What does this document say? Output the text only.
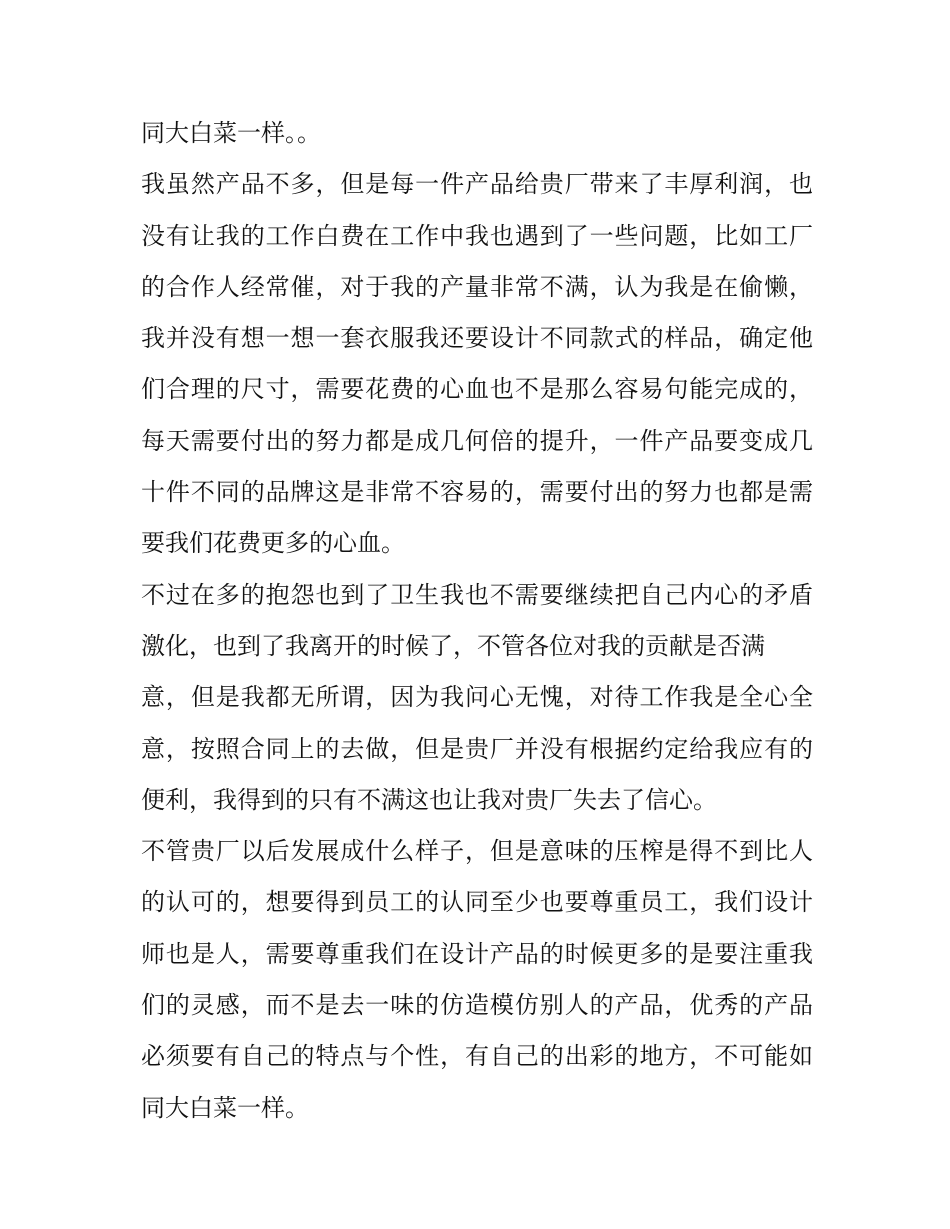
同大白菜一样。。
我虽然产品不多，但是每一件产品给贵厂带来了丰厚利润，也
没有让我的工作白费在工作中我也遇到了一些问题，比如工厂
的合作人经常催，对于我的产量非常不满，认为我是在偷懒，
我并没有想一想一套衣服我还要设计不同款式的样品，确定他
们合理的尺寸，需要花费的心血也不是那么容易句能完成的，
每天需要付出的努力都是成几何倍的提升，一件产品要变成几
十件不同的品牌这是非常不容易的，需要付出的努力也都是需
要我们花费更多的心血。
不过在多的抱怨也到了卫生我也不需要继续把自己内心的矛盾
激化，也到了我离开的时候了，不管各位对我的贡献是否满
意，但是我都无所谓，因为我问心无愧，对待工作我是全心全
意，按照合同上的去做，但是贵厂并没有根据约定给我应有的
便利，我得到的只有不满这也让我对贵厂失去了信心。
不管贵厂以后发展成什么样子，但是意味的压榨是得不到比人
的认可的，想要得到员工的认同至少也要尊重员工，我们设计
师也是人，需要尊重我们在设计产品的时候更多的是要注重我
们的灵感，而不是去一味的仿造模仿别人的产品，优秀的产品
必须要有自己的特点与个性，有自己的出彩的地方，不可能如
同大白菜一样。
